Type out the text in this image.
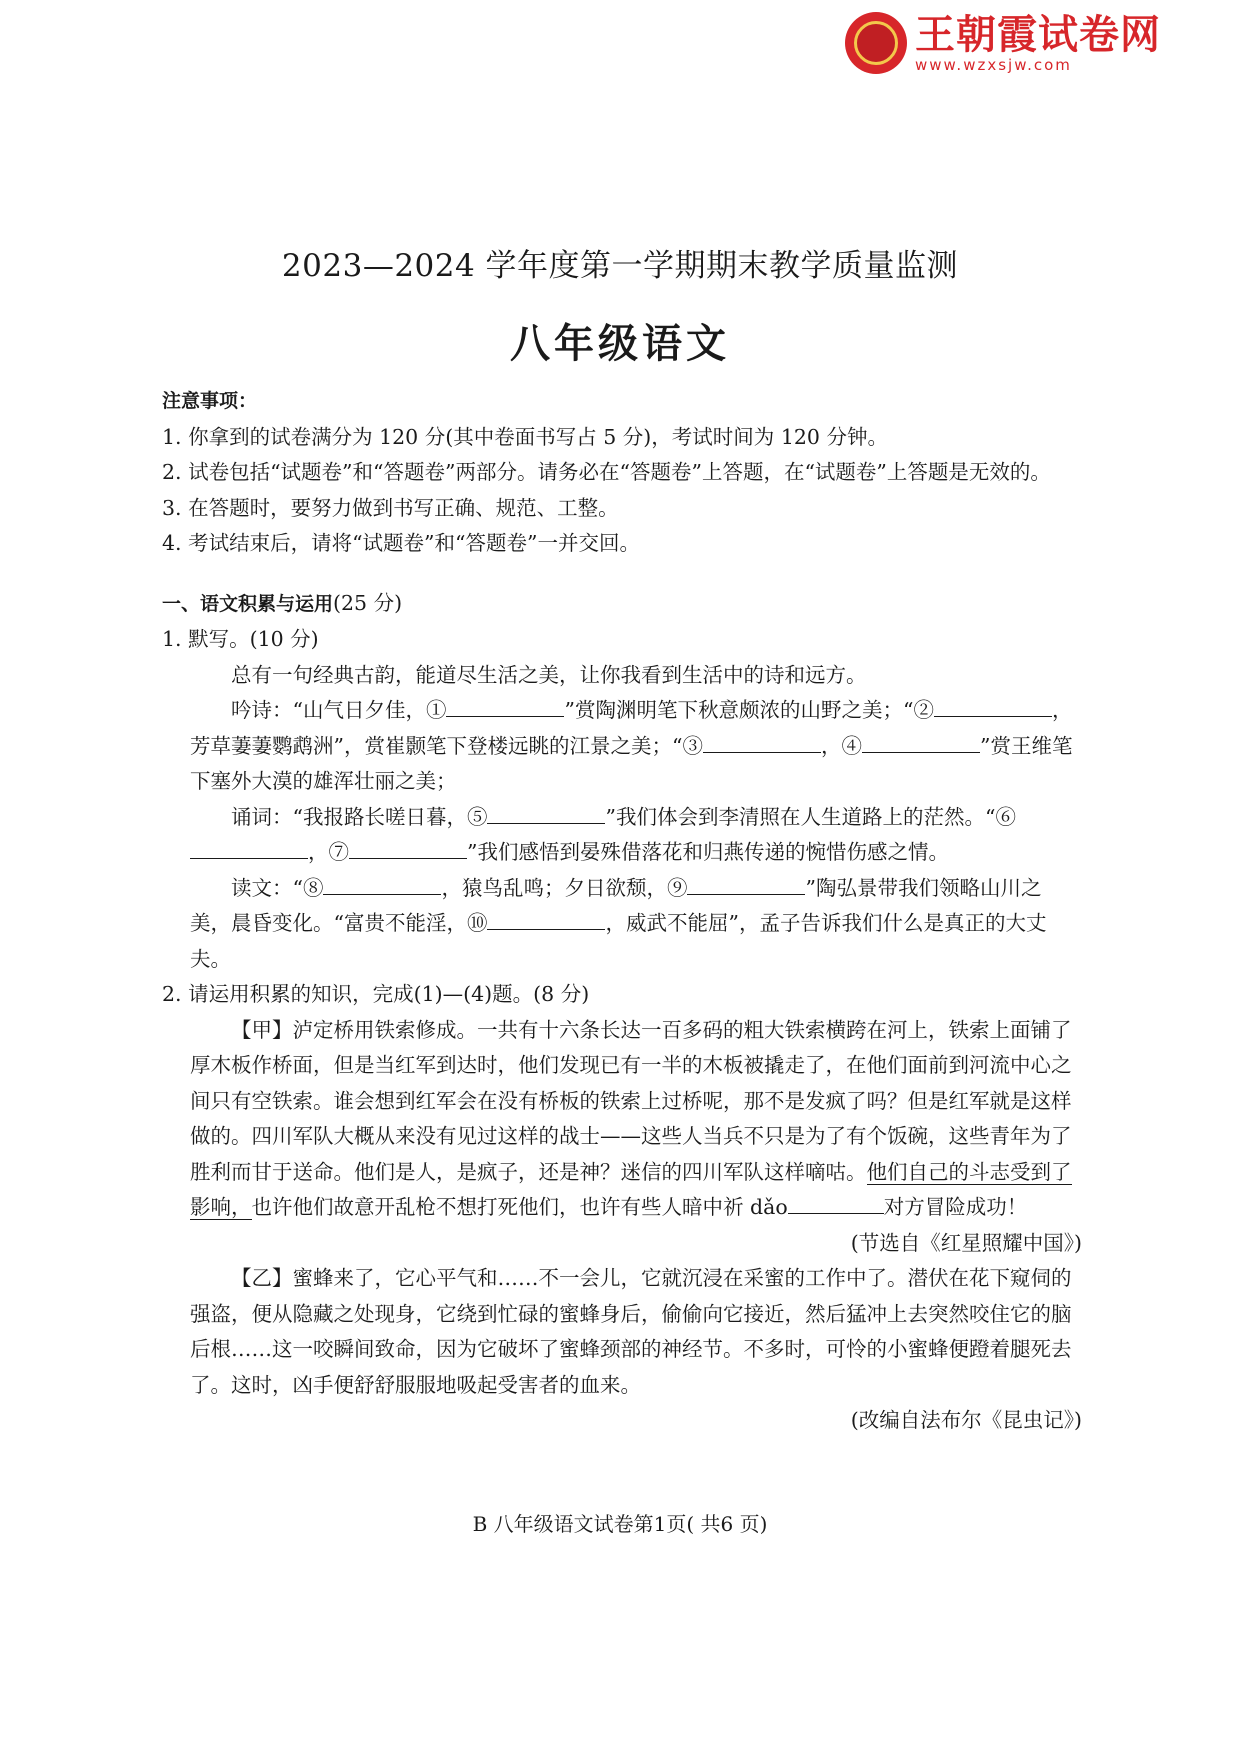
王朝霞试卷网
www.wzxsjw.com
2023—2024 学年度第一学期期末教学质量监测
八年级语文
注意事项：
1. 你拿到的试卷满分为 120 分(其中卷面书写占 5 分)，考试时间为 120 分钟。
2. 试卷包括“试题卷”和“答题卷”两部分。请务必在“答题卷”上答题，在“试题卷”上答题是无效的。
3. 在答题时，要努力做到书写正确、规范、工整。
4. 考试结束后，请将“试题卷”和“答题卷”一并交回。
一、语文积累与运用(25 分)
1. 默写。(10 分)
总有一句经典古韵，能道尽生活之美，让你我看到生活中的诗和远方。
吟诗：“山气日夕佳，①	”赏陶渊明笔下秋意颇浓的山野之美；“②	，芳草萋萋鹦鹉洲”，赏崔颢笔下登楼远眺的江景之美；“③	，④	”赏王维笔下塞外大漠的雄浑壮丽之美；
诵词：“我报路长嗟日暮，⑤	”我们体会到李清照在人生道路上的茫然。“⑥，⑦	”我们感悟到晏殊借落花和归燕传递的惋惜伤感之情。
读文：“⑧	，猿鸟乱鸣；夕日欲颓，⑨	”陶弘景带我们领略山川之美，晨昏变化。“富贵不能淫，⑩	，威武不能屈”，孟子告诉我们什么是真正的大丈夫。
2. 请运用积累的知识，完成(1)—(4)题。(8 分)
【甲】泸定桥用铁索修成。一共有十六条长达一百多码的粗大铁索横跨在河上，铁索上面铺了厚木板作桥面，但是当红军到达时，他们发现已有一半的木板被撬走了，在他们面前到河流中心之间只有空铁索。谁会想到红军会在没有桥板的铁索上过桥呢，那不是发疯了吗？但是红军就是这样做的。四川军队大概从来没有见过这样的战士——这些人当兵不只是为了有个饭碗，这些青年为了胜利而甘于送命。他们是人，是疯子，还是神？迷信的四川军队这样嘀咕。他们自己的斗志受到了影响，也许他们故意开乱枪不想打死他们，也许有些人暗中祈 dǎo	对方冒险成功！
(节选自《红星照耀中国》)
【乙】蜜蜂来了，它心平气和……不一会儿，它就沉浸在采蜜的工作中了。潜伏在花下窥伺的强盗，便从隐藏之处现身，它绕到忙碌的蜜蜂身后，偷偷向它接近，然后猛冲上去突然咬住它的脑后根……这一咬瞬间致命，因为它破坏了蜜蜂颈部的神经节。不多时，可怜的小蜜蜂便蹬着腿死去了。这时，凶手便舒舒服服地吸起受害者的血来。
(改编自法布尔《昆虫记》)
B 八年级语文试卷第1页( 共6 页)
